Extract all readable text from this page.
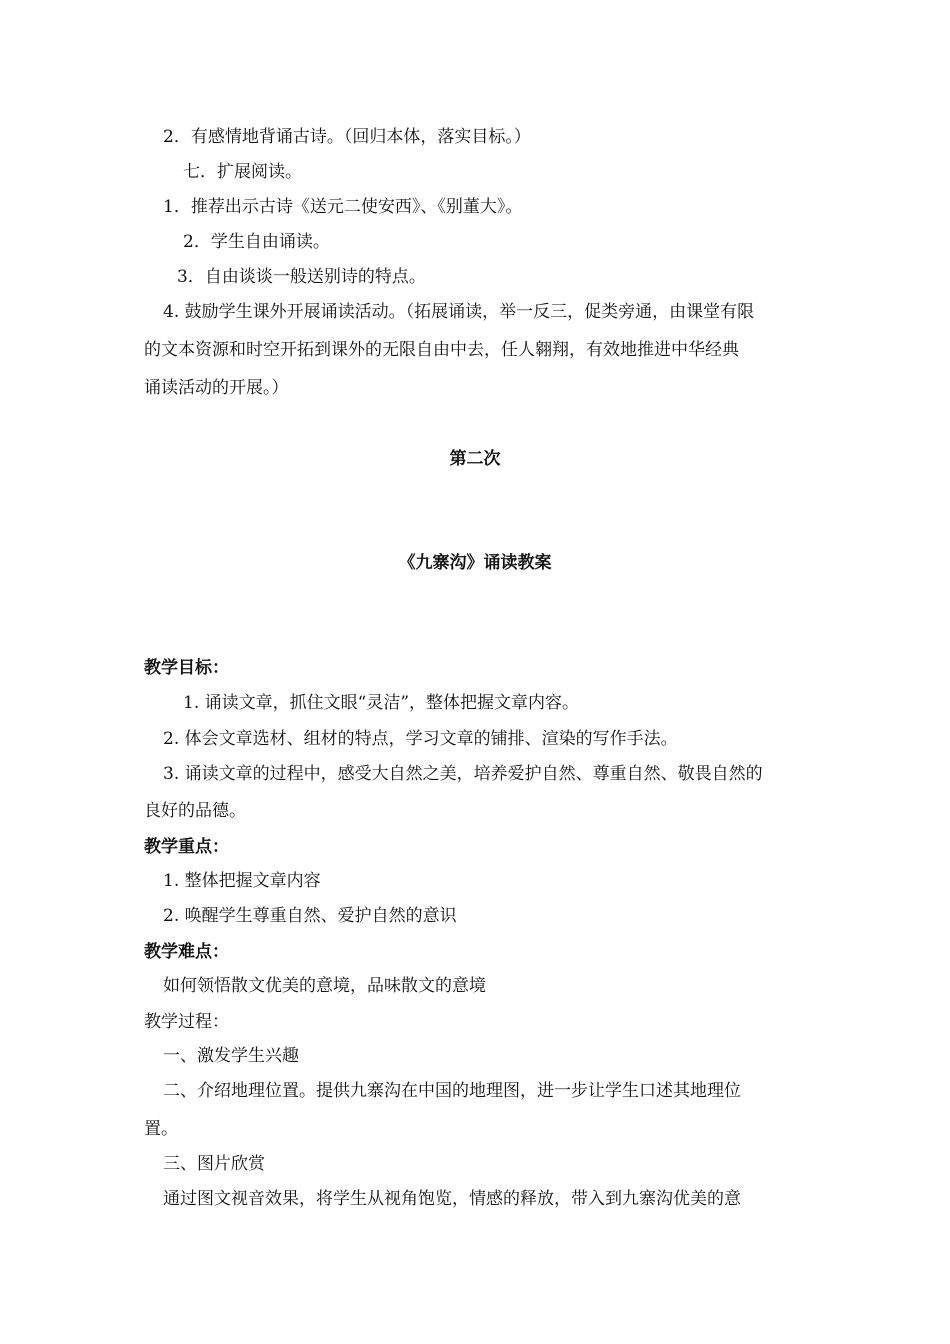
2．有感情地背诵古诗。（回归本体，落实目标。）
七．扩展阅读。
1．推荐出示古诗《送元二使安西》、《别董大》。
2．学生自由诵读。
3．自由谈谈一般送别诗的特点。
4. 鼓励学生课外开展诵读活动。（拓展诵读，举一反三，促类旁通，由课堂有限
的文本资源和时空开拓到课外的无限自由中去，任人翱翔，有效地推进中华经典
诵读活动的开展。）
第二次
《九寨沟》诵读教案
教学目标：
1. 诵读文章，抓住文眼“灵洁”，整体把握文章内容。
2. 体会文章选材、组材的特点，学习文章的铺排、渲染的写作手法。
3. 诵读文章的过程中，感受大自然之美，培养爱护自然、尊重自然、敬畏自然的
良好的品德。
教学重点：
1. 整体把握文章内容
2. 唤醒学生尊重自然、爱护自然的意识
教学难点：
如何领悟散文优美的意境，品味散文的意境
教学过程：
一、激发学生兴趣
二、介绍地理位置。提供九寨沟在中国的地理图，进一步让学生口述其地理位
置。
三、图片欣赏
通过图文视音效果，将学生从视角饱览，情感的释放，带入到九寨沟优美的意
